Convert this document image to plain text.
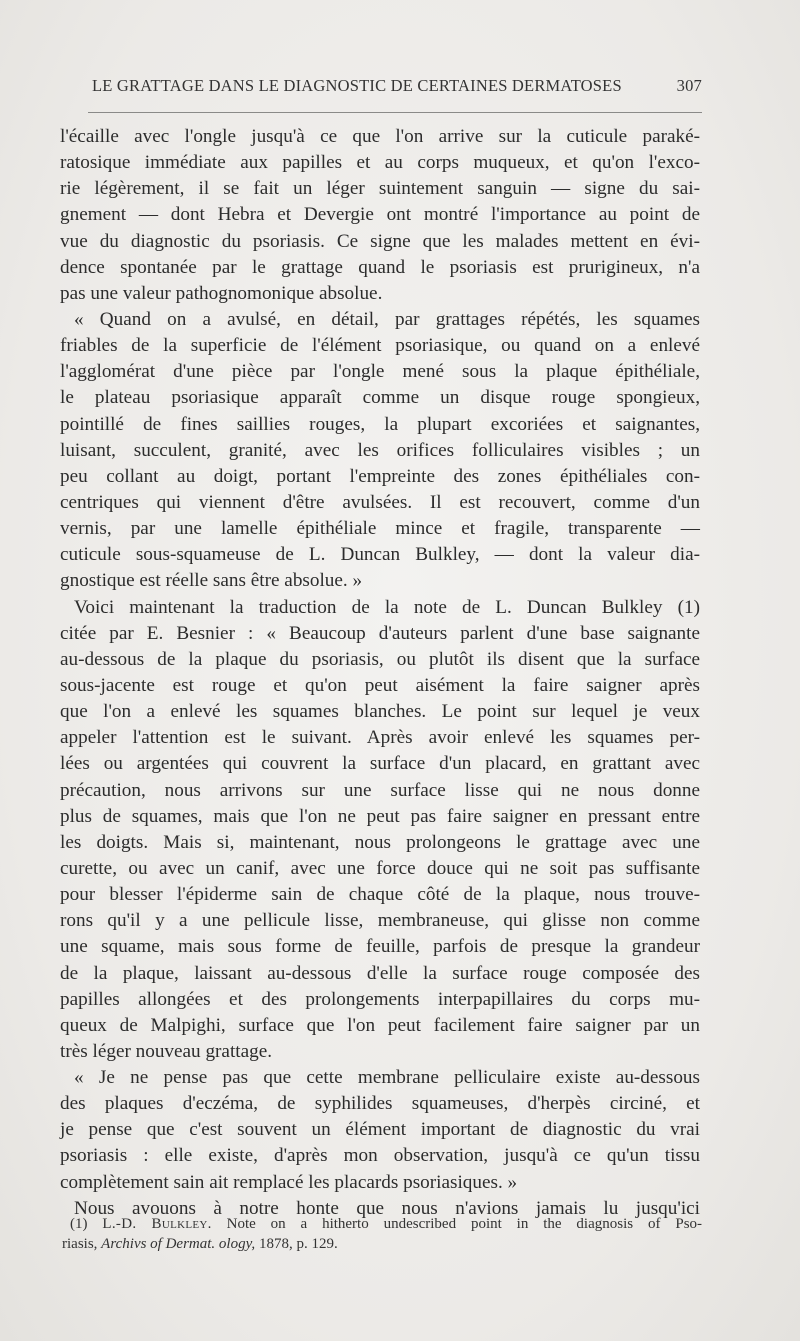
LE GRATTAGE DANS LE DIAGNOSTIC DE CERTAINES DERMATOSES	307
l'écaille avec l'ongle jusqu'à ce que l'on arrive sur la cuticule paraké-
ratosique immédiate aux papilles et au corps muqueux, et qu'on l'exco-
rie légèrement, il se fait un léger suintement sanguin — signe du sai-
gnement — dont Hebra et Devergie ont montré l'importance au point de
vue du diagnostic du psoriasis. Ce signe que les malades mettent en évi-
dence spontanée par le grattage quand le psoriasis est prurigineux, n'a
pas une valeur pathognomonique absolue.
« Quand on a avulsé, en détail, par grattages répétés, les squames
friables de la superficie de l'élément psoriasique, ou quand on a enlevé
l'agglomérat d'une pièce par l'ongle mené sous la plaque épithéliale,
le plateau psoriasique apparaît comme un disque rouge spongieux,
pointillé de fines saillies rouges, la plupart excoriées et saignantes,
luisant, succulent, granité, avec les orifices folliculaires visibles ; un
peu collant au doigt, portant l'empreinte des zones épithéliales con-
centriques qui viennent d'être avulsées. Il est recouvert, comme d'un
vernis, par une lamelle épithéliale mince et fragile, transparente —
cuticule sous-squameuse de L. Duncan Bulkley, — dont la valeur dia-
gnostique est réelle sans être absolue. »
Voici maintenant la traduction de la note de L. Duncan Bulkley (1)
citée par E. Besnier : « Beaucoup d'auteurs parlent d'une base saignante
au-dessous de la plaque du psoriasis, ou plutôt ils disent que la surface
sous-jacente est rouge et qu'on peut aisément la faire saigner après
que l'on a enlevé les squames blanches. Le point sur lequel je veux
appeler l'attention est le suivant. Après avoir enlevé les squames per-
lées ou argentées qui couvrent la surface d'un placard, en grattant avec
précaution, nous arrivons sur une surface lisse qui ne nous donne
plus de squames, mais que l'on ne peut pas faire saigner en pressant entre
les doigts. Mais si, maintenant, nous prolongeons le grattage avec une
curette, ou avec un canif, avec une force douce qui ne soit pas suffisante
pour blesser l'épiderme sain de chaque côté de la plaque, nous trouve-
rons qu'il y a une pellicule lisse, membraneuse, qui glisse non comme
une squame, mais sous forme de feuille, parfois de presque la grandeur
de la plaque, laissant au-dessous d'elle la surface rouge composée des
papilles allongées et des prolongements interpapillaires du corps mu-
queux de Malpighi, surface que l'on peut facilement faire saigner par un
très léger nouveau grattage.
« Je ne pense pas que cette membrane pelliculaire existe au-dessous
des plaques d'eczéma, de syphilides squameuses, d'herpès circiné, et
je pense que c'est souvent un élément important de diagnostic du vrai
psoriasis : elle existe, d'après mon observation, jusqu'à ce qu'un tissu
complètement sain ait remplacé les placards psoriasiques. »
Nous avouons à notre honte que nous n'avions jamais lu jusqu'ici
(1) L.-D. Bulkley. Note on a hitherto undescribed point in the diagnosis of Pso-
riasis, Archivs of Dermat. ology, 1878, p. 129.
